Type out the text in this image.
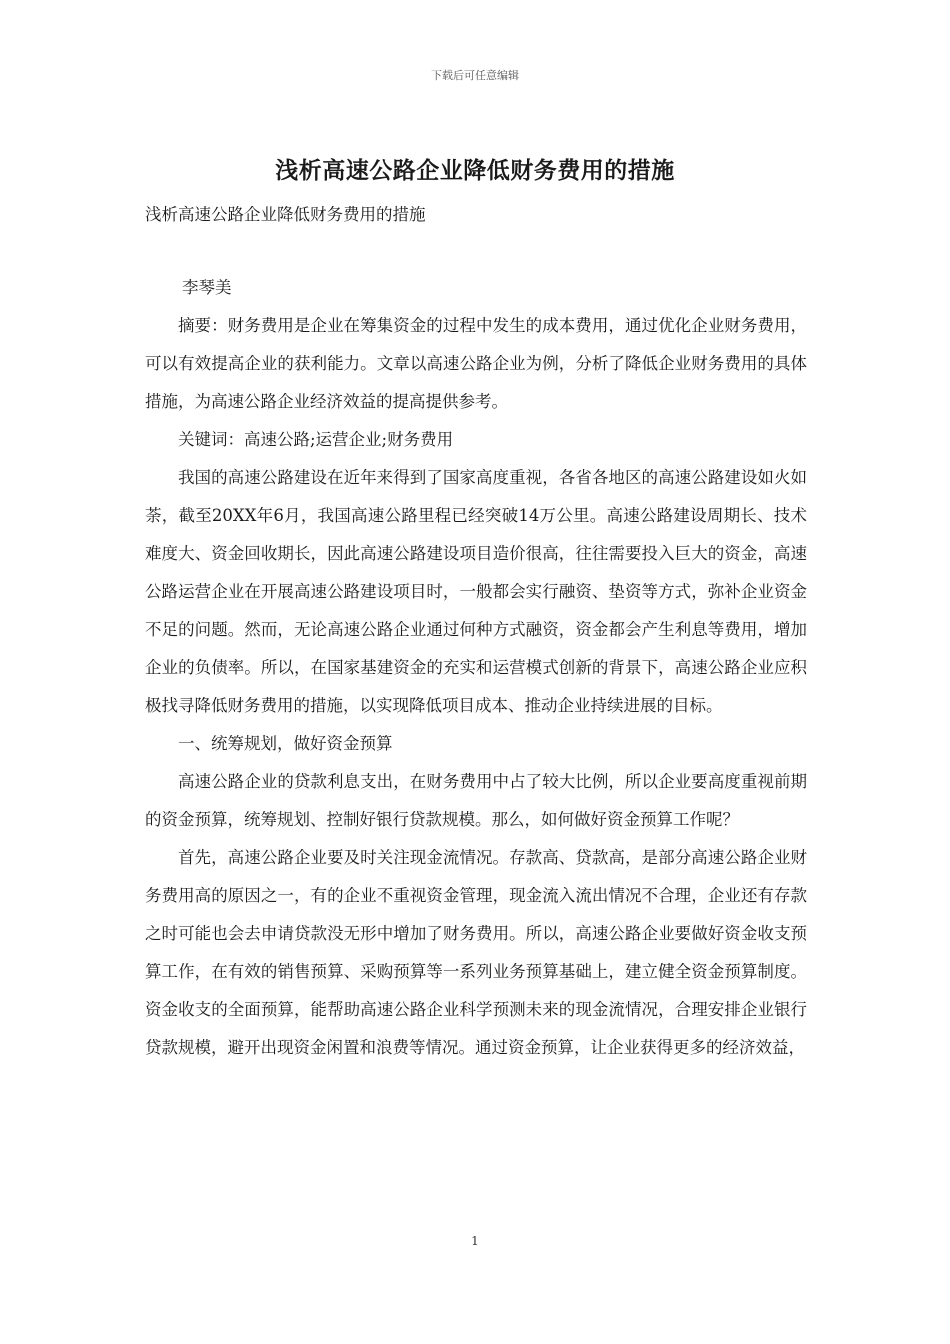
下载后可任意编辑
浅析高速公路企业降低财务费用的措施
浅析高速公路企业降低财务费用的措施
李琴美

摘要：财务费用是企业在筹集资金的过程中发生的成本费用，通过优化企业财务费用，可以有效提高企业的获利能力。文章以高速公路企业为例，分析了降低企业财务费用的具体措施，为高速公路企业经济效益的提高提供参考。

关键词：高速公路;运营企业;财务费用

我国的高速公路建设在近年来得到了国家高度重视，各省各地区的高速公路建设如火如荼，截至20XX年6月，我国高速公路里程已经突破14万公里。高速公路建设周期长、技术难度大、资金回收期长，因此高速公路建设项目造价很高，往往需要投入巨大的资金，高速公路运营企业在开展高速公路建设项目时，一般都会实行融资、垫资等方式，弥补企业资金不足的问题。然而，无论高速公路企业通过何种方式融资，资金都会产生利息等费用，增加企业的负债率。所以，在国家基建资金的充实和运营模式创新的背景下，高速公路企业应积极找寻降低财务费用的措施，以实现降低项目成本、推动企业持续进展的目标。

一、统筹规划，做好资金预算

高速公路企业的贷款利息支出，在财务费用中占了较大比例，所以企业要高度重视前期的资金预算，统筹规划、控制好银行贷款规模。那么，如何做好资金预算工作呢？

首先，高速公路企业要及时关注现金流情况。存款高、贷款高，是部分高速公路企业财务费用高的原因之一，有的企业不重视资金管理，现金流入流出情况不合理，企业还有存款之时可能也会去申请贷款没无形中增加了财务费用。所以，高速公路企业要做好资金收支预算工作，在有效的销售预算、采购预算等一系列业务预算基础上，建立健全资金预算制度。资金收支的全面预算，能帮助高速公路企业科学预测未来的现金流情况，合理安排企业银行贷款规模，避开出现资金闲置和浪费等情况。通过资金预算，让企业获得更多的经济效益，

1
